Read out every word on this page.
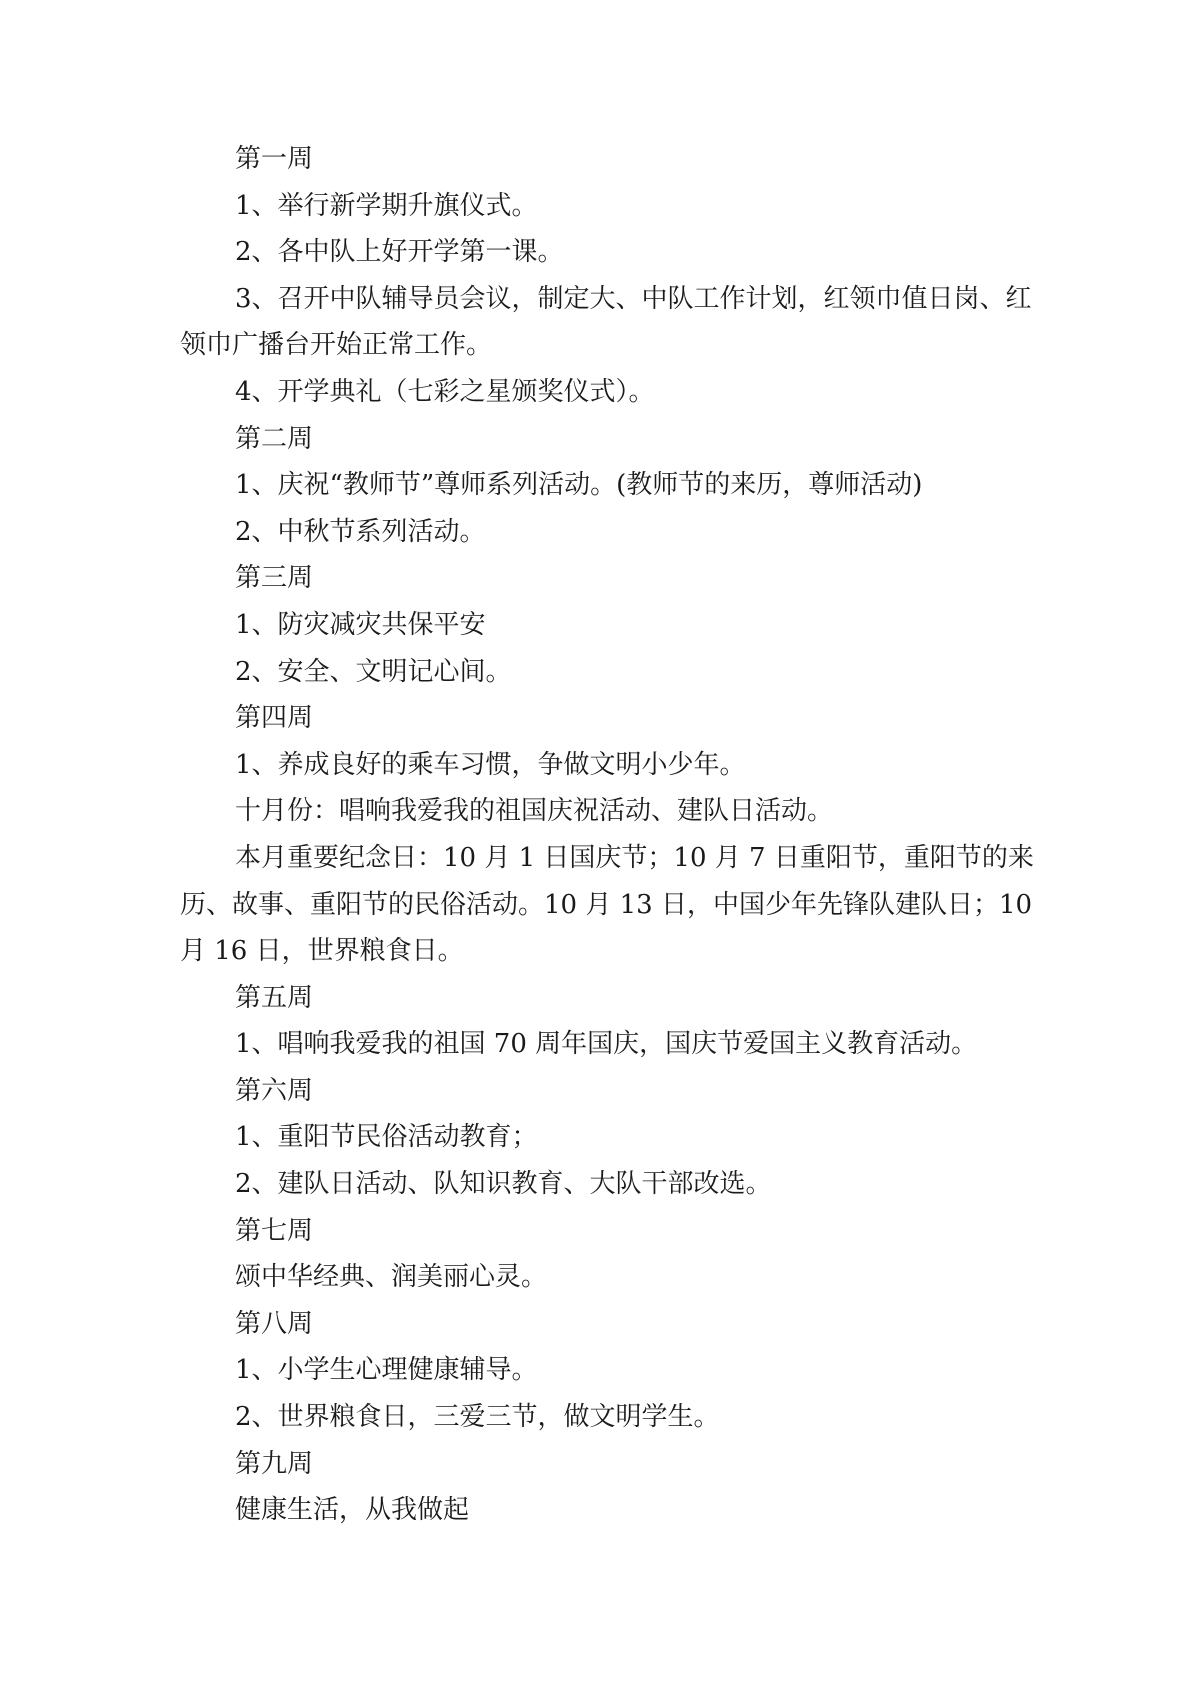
第一周

1、举行新学期升旗仪式。

2、各中队上好开学第一课。

3、召开中队辅导员会议，制定大、中队工作计划，红领巾值日岗、红领巾广播台开始正常工作。

4、开学典礼（七彩之星颁奖仪式）。

第二周

1、庆祝“教师节”尊师系列活动。(教师节的来历，尊师活动)

2、中秋节系列活动。

第三周

1、防灾减灾共保平安

2、安全、文明记心间。

第四周

1、养成良好的乘车习惯，争做文明小少年。

十月份：唱响我爱我的祖国庆祝活动、建队日活动。

本月重要纪念日：10 月 1 日国庆节；10 月 7 日重阳节，重阳节的来历、故事、重阳节的民俗活动。10 月 13 日，中国少年先锋队建队日；10 月 16 日，世界粮食日。

第五周

1、唱响我爱我的祖国 70 周年国庆，国庆节爱国主义教育活动。

第六周

1、重阳节民俗活动教育；

2、建队日活动、队知识教育、大队干部改选。

第七周

颂中华经典、润美丽心灵。

第八周

1、小学生心理健康辅导。

2、世界粮食日，三爱三节，做文明学生。

第九周

健康生活，从我做起
